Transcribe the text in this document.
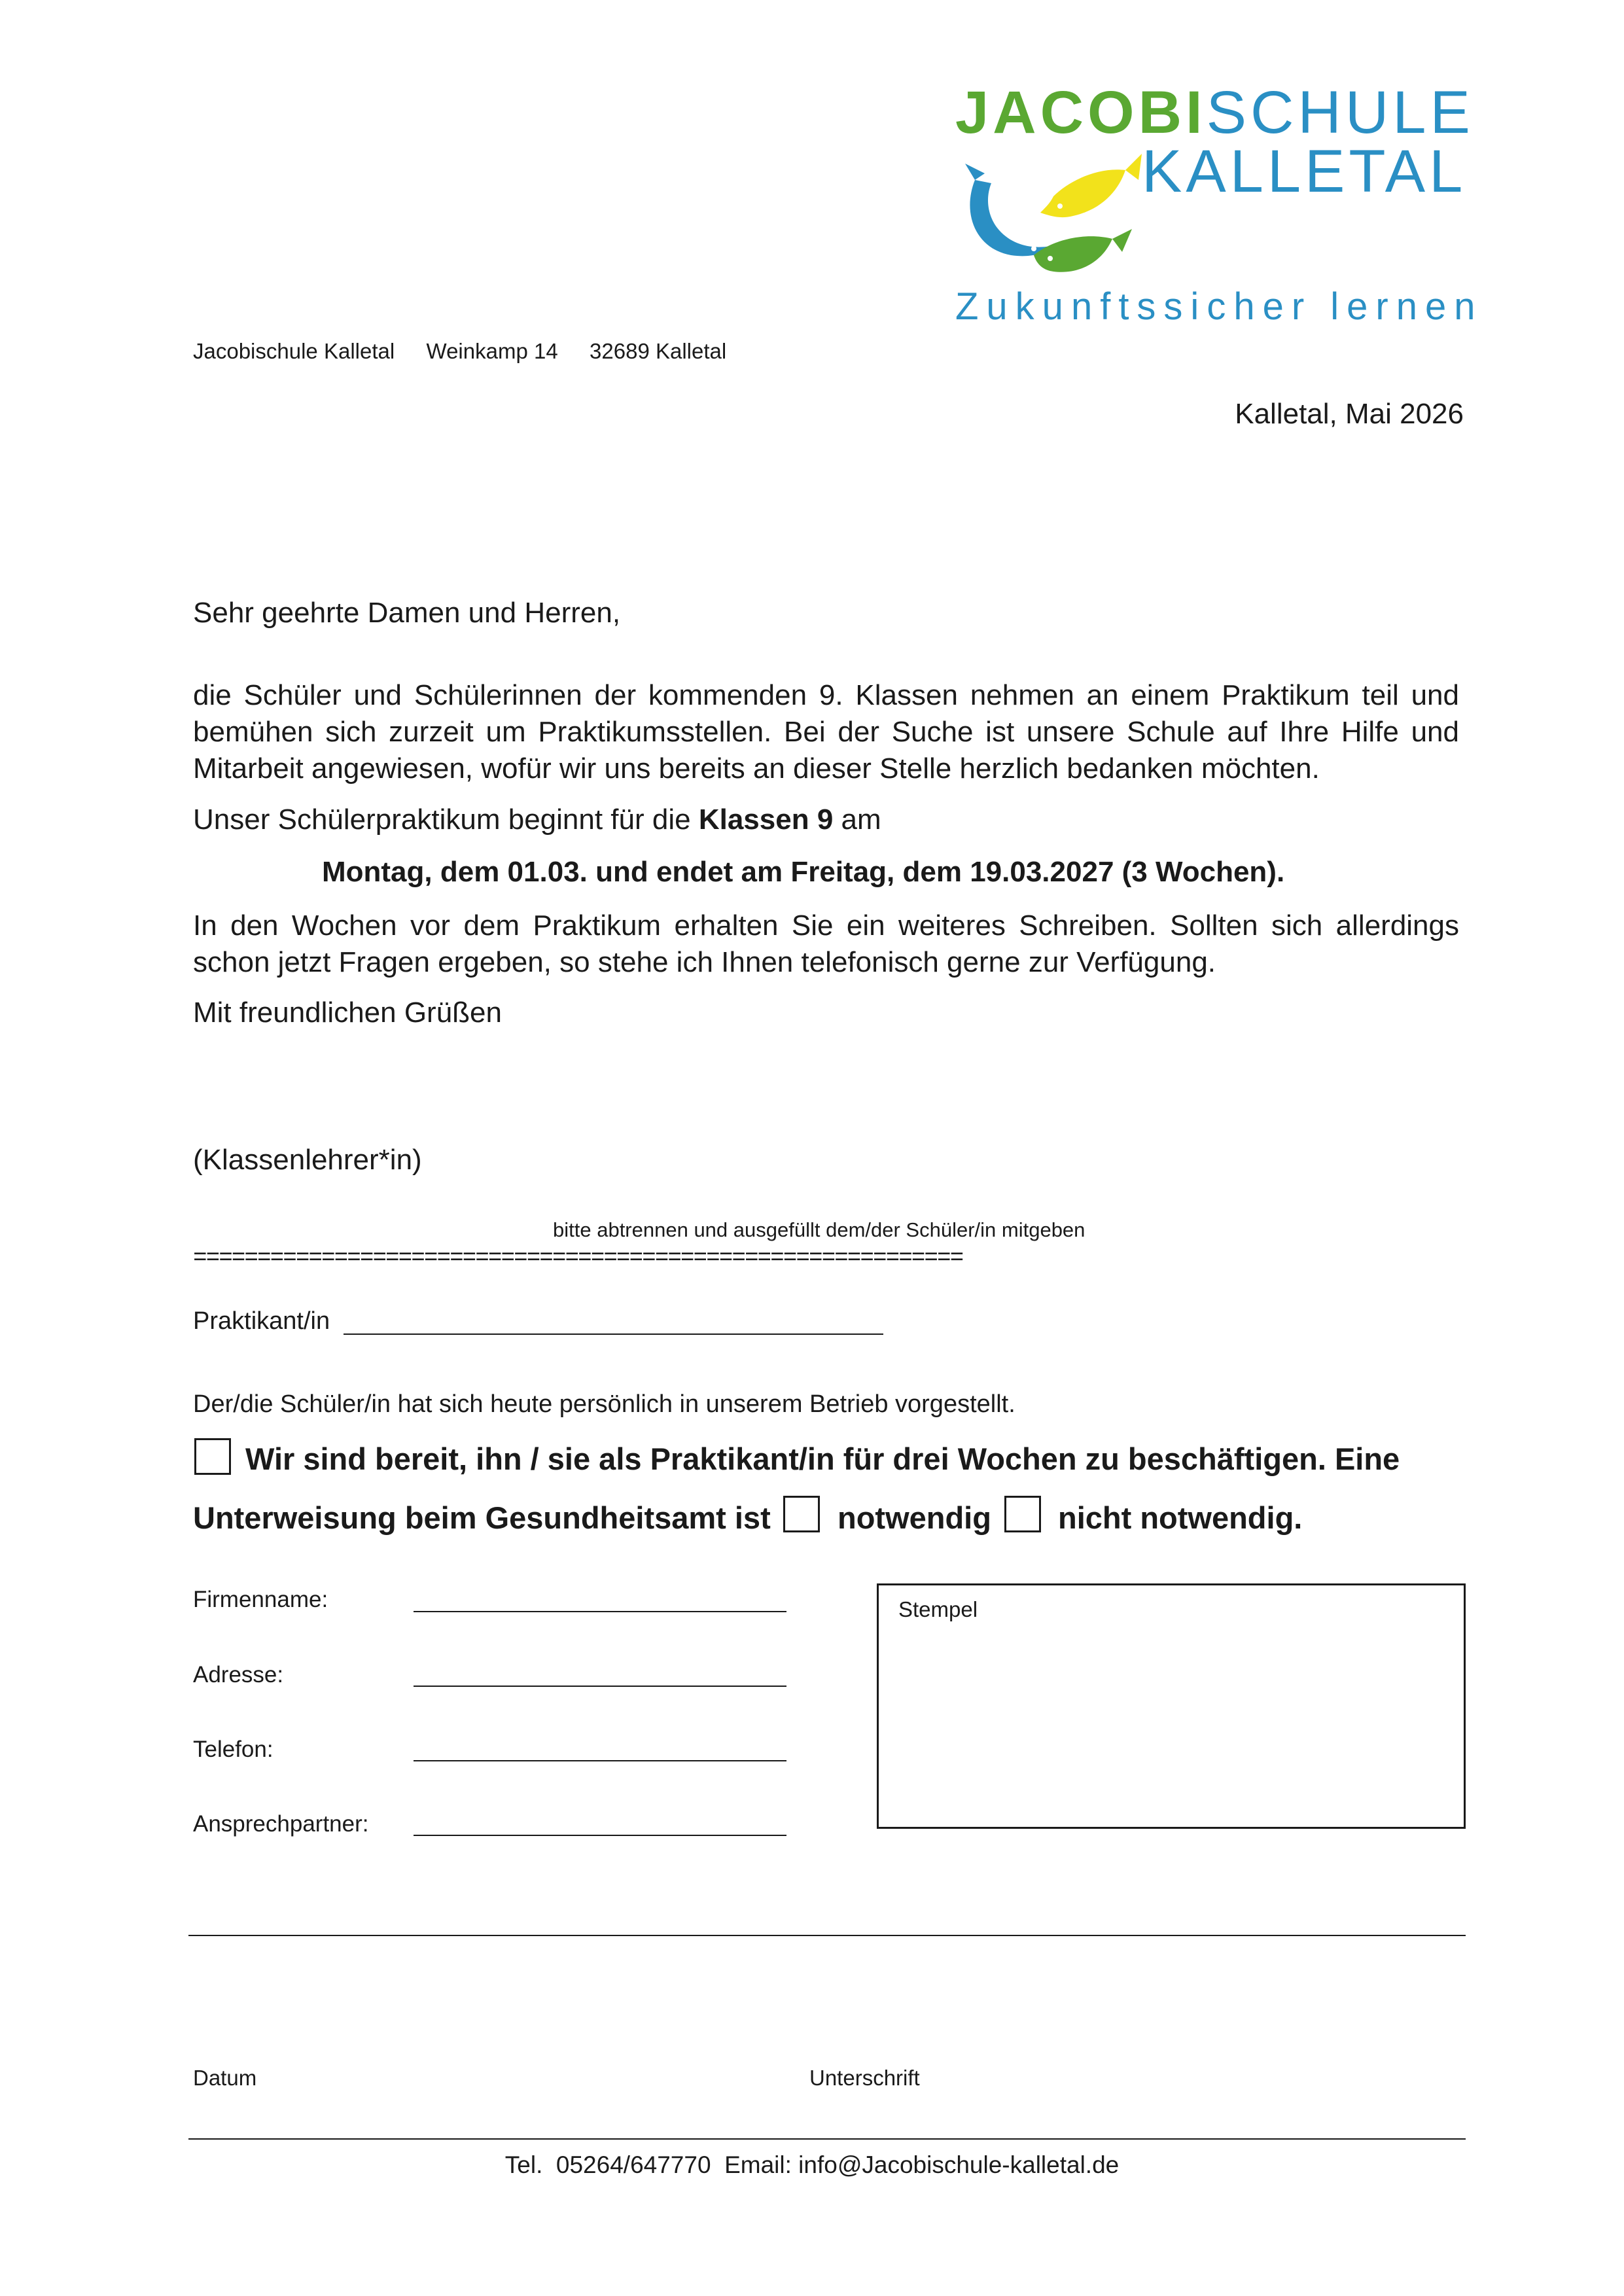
JACOBISCHULE
KALLETAL
Zukunftssicher lernen
Jacobischule Kalletal Weinkamp 14 32689 Kalletal
Kalletal, Mai 2026
Sehr geehrte Damen und Herren,
die Schüler und Schülerinnen der kommenden 9. Klassen nehmen an einem Praktikum teil und bemühen sich zurzeit um Praktikumsstellen. Bei der Suche ist unsere Schule auf Ihre Hilfe und Mitarbeit angewiesen, wofür wir uns bereits an dieser Stelle herzlich bedanken möchten.
Unser Schülerpraktikum beginnt für die Klassen 9 am
Montag, dem 01.03. und endet am Freitag, dem 19.03.2027 (3 Wochen).
In den Wochen vor dem Praktikum erhalten Sie ein weiteres Schreiben. Sollten sich allerdings schon jetzt Fragen ergeben, so stehe ich Ihnen telefonisch gerne zur Verfügung.
Mit freundlichen Grüßen
(Klassenlehrer*in)
bitte abtrennen und ausgefüllt dem/der Schüler/in mitgeben
============================================================
Praktikant/in
Der/die Schüler/in hat sich heute persönlich in unserem Betrieb vorgestellt.
Wir sind bereit, ihn / sie als Praktikant/in für drei Wochen zu beschäftigen. Eine
Unterweisung beim Gesundheitsamt ist notwendig nicht notwendig.
Firmenname:
Adresse:
Telefon:
Ansprechpartner:
Stempel
Datum	Unterschrift
Tel.  05264/647770  Email: info@Jacobischule-kalletal.de
